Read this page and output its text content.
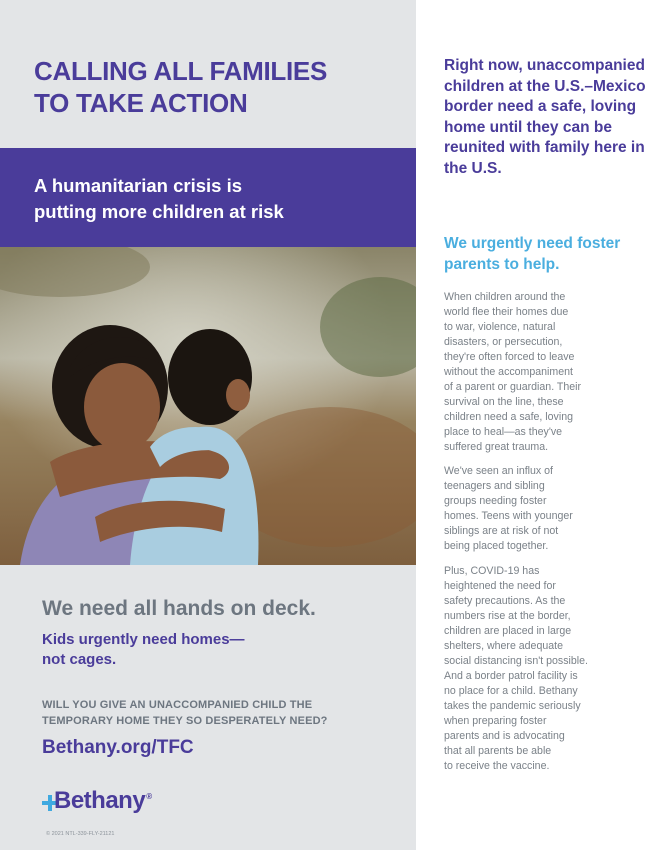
CALLING ALL FAMILIES
TO TAKE ACTION

A humanitarian crisis is
putting more children at risk

We need all hands on deck.

Kids urgently need homes—
not cages.

WILL YOU GIVE AN UNACCOMPANIED CHILD THE
TEMPORARY HOME THEY SO DESPERATELY NEED?

Bethany.org/TFC

Bethany®

© 2021 NTL-339-FLY-21121

Right now, unaccompanied children at the U.S.–Mexico border need a safe, loving home until they can be reunited with family here in the U.S.

We urgently need foster parents to help.

When children around the
world flee their homes due
to war, violence, natural
disasters, or persecution,
they're often forced to leave
without the accompaniment
of a parent or guardian. Their
survival on the line, these
children need a safe, loving
place to heal—as they've
suffered great trauma.

We've seen an influx of
teenagers and sibling
groups needing foster
homes. Teens with younger
siblings are at risk of not
being placed together.

Plus, COVID-19 has
heightened the need for
safety precautions. As the
numbers rise at the border,
children are placed in large
shelters, where adequate
social distancing isn't possible.
And a border patrol facility is
no place for a child. Bethany
takes the pandemic seriously
when preparing foster
parents and is advocating
that all parents be able
to receive the vaccine.
